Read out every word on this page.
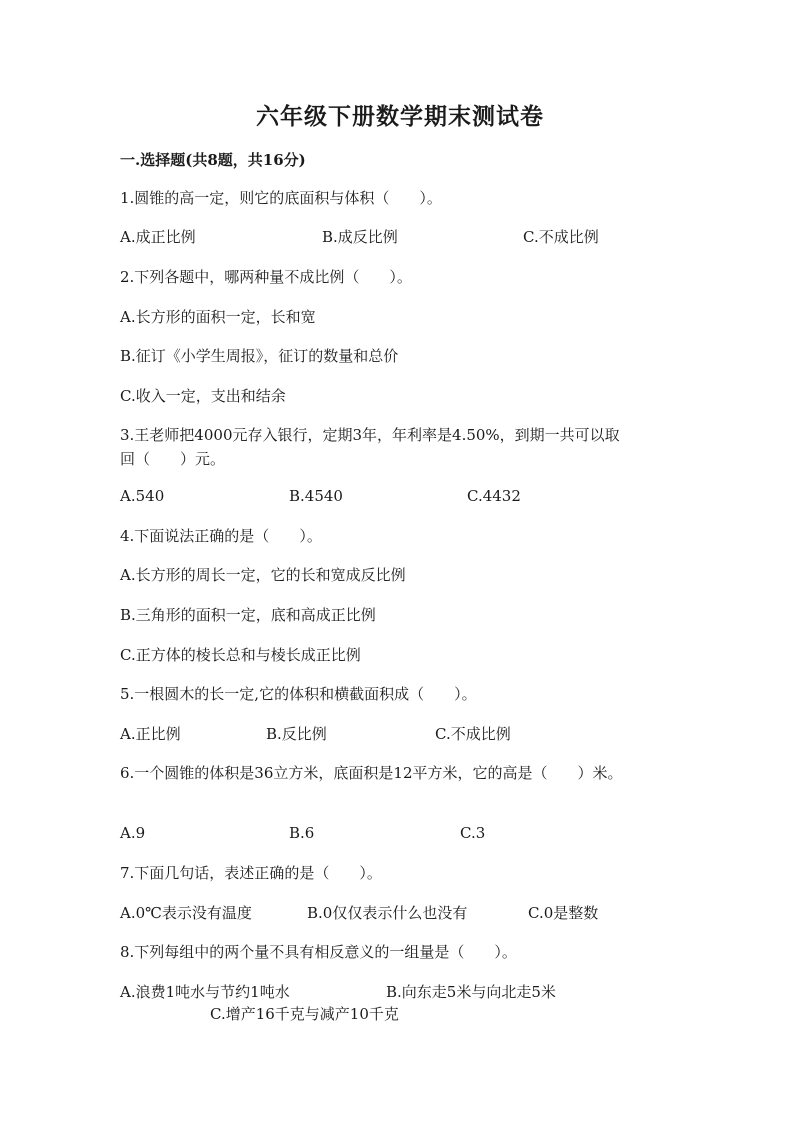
六年级下册数学期末测试卷
一.选择题(共8题，共16分)
1.圆锥的高一定，则它的底面积与体积（　　）。
A.成正比例	B.成反比例	C.不成比例
2.下列各题中，哪两种量不成比例（　　）。
A.长方形的面积一定，长和宽
B.征订《小学生周报》，征订的数量和总价
C.收入一定，支出和结余
3.王老师把4000元存入银行，定期3年，年利率是4.50%，到期一共可以取
回（　　）元。
A.540	B.4540	C.4432
4.下面说法正确的是（　　）。
A.长方形的周长一定，它的长和宽成反比例
B.三角形的面积一定，底和高成正比例
C.正方体的棱长总和与棱长成正比例
5.一根圆木的长一定,它的体积和横截面积成（　　）。
A.正比例	B.反比例	C.不成比例
6.一个圆锥的体积是36立方米，底面积是12平方米，它的高是（　　）米。
A.9	B.6	C.3
7.下面几句话，表述正确的是（　　）。
A.0℃表示没有温度	B.0仅仅表示什么也没有	C.0是整数
8.下列每组中的两个量不具有相反意义的一组量是（　　）。
A.浪费1吨水与节约1吨水	B.向东走5米与向北走5米
C.增产16千克与减产10千克
